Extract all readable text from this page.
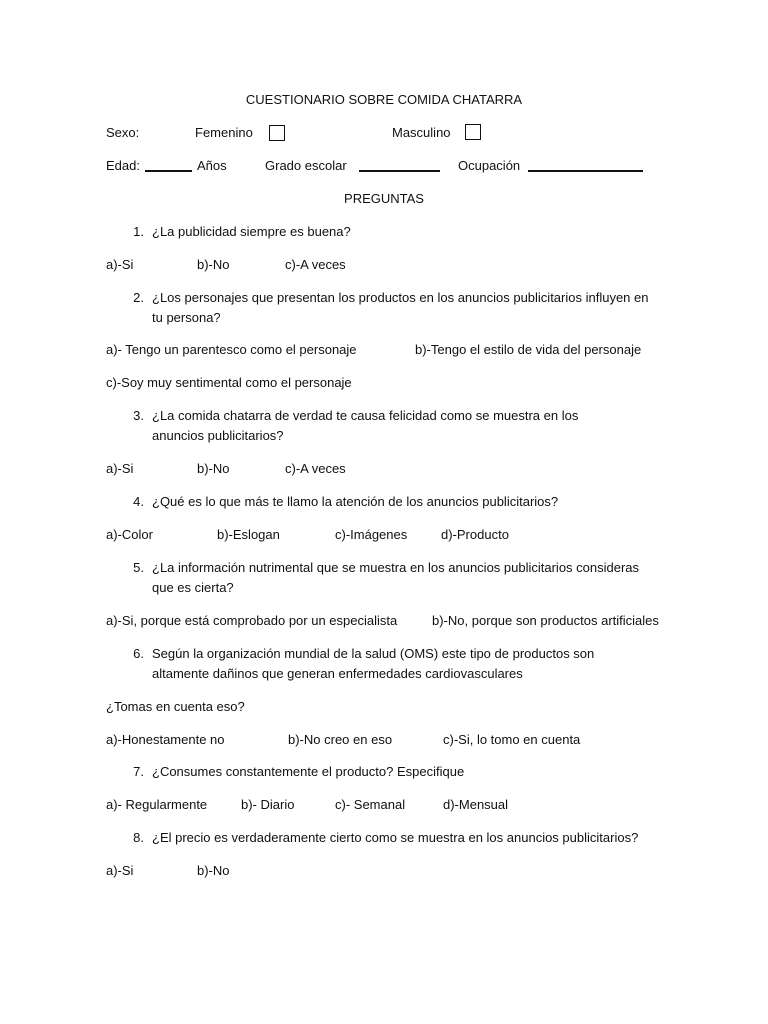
CUESTIONARIO SOBRE COMIDA CHATARRA
Sexo:	Femenino	Masculino
Edad:	Años	Grado escolar	Ocupación
PREGUNTAS
1. ¿La publicidad siempre es buena?
a)-Si	b)-No	c)-A veces
2. ¿Los personajes que presentan los productos en los anuncios publicitarios influyen en tu persona?
a)- Tengo un parentesco como el personaje	b)-Tengo el estilo de vida del personaje
c)-Soy muy sentimental como el personaje
3. ¿La comida chatarra de verdad te causa felicidad como se muestra en los anuncios publicitarios?
a)-Si	b)-No	c)-A veces
4. ¿Qué es lo que más te llamo la atención de los anuncios publicitarios?
a)-Color	b)-Eslogan	c)-Imágenes	d)-Producto
5. ¿La información nutrimental que se muestra en los anuncios publicitarios consideras que es cierta?
a)-Si, porque está comprobado por un especialista	b)-No, porque son productos artificiales
6. Según la organización mundial de la salud (OMS) este tipo de productos son altamente dañinos que generan enfermedades cardiovasculares
¿Tomas en cuenta eso?
a)-Honestamente no	b)-No creo en eso	c)-Si, lo tomo en cuenta
7. ¿Consumes constantemente el producto? Especifique
a)- Regularmente	b)- Diario	c)- Semanal	d)-Mensual
8. ¿El precio es verdaderamente cierto como se muestra en los anuncios publicitarios?
a)-Si	b)-No
